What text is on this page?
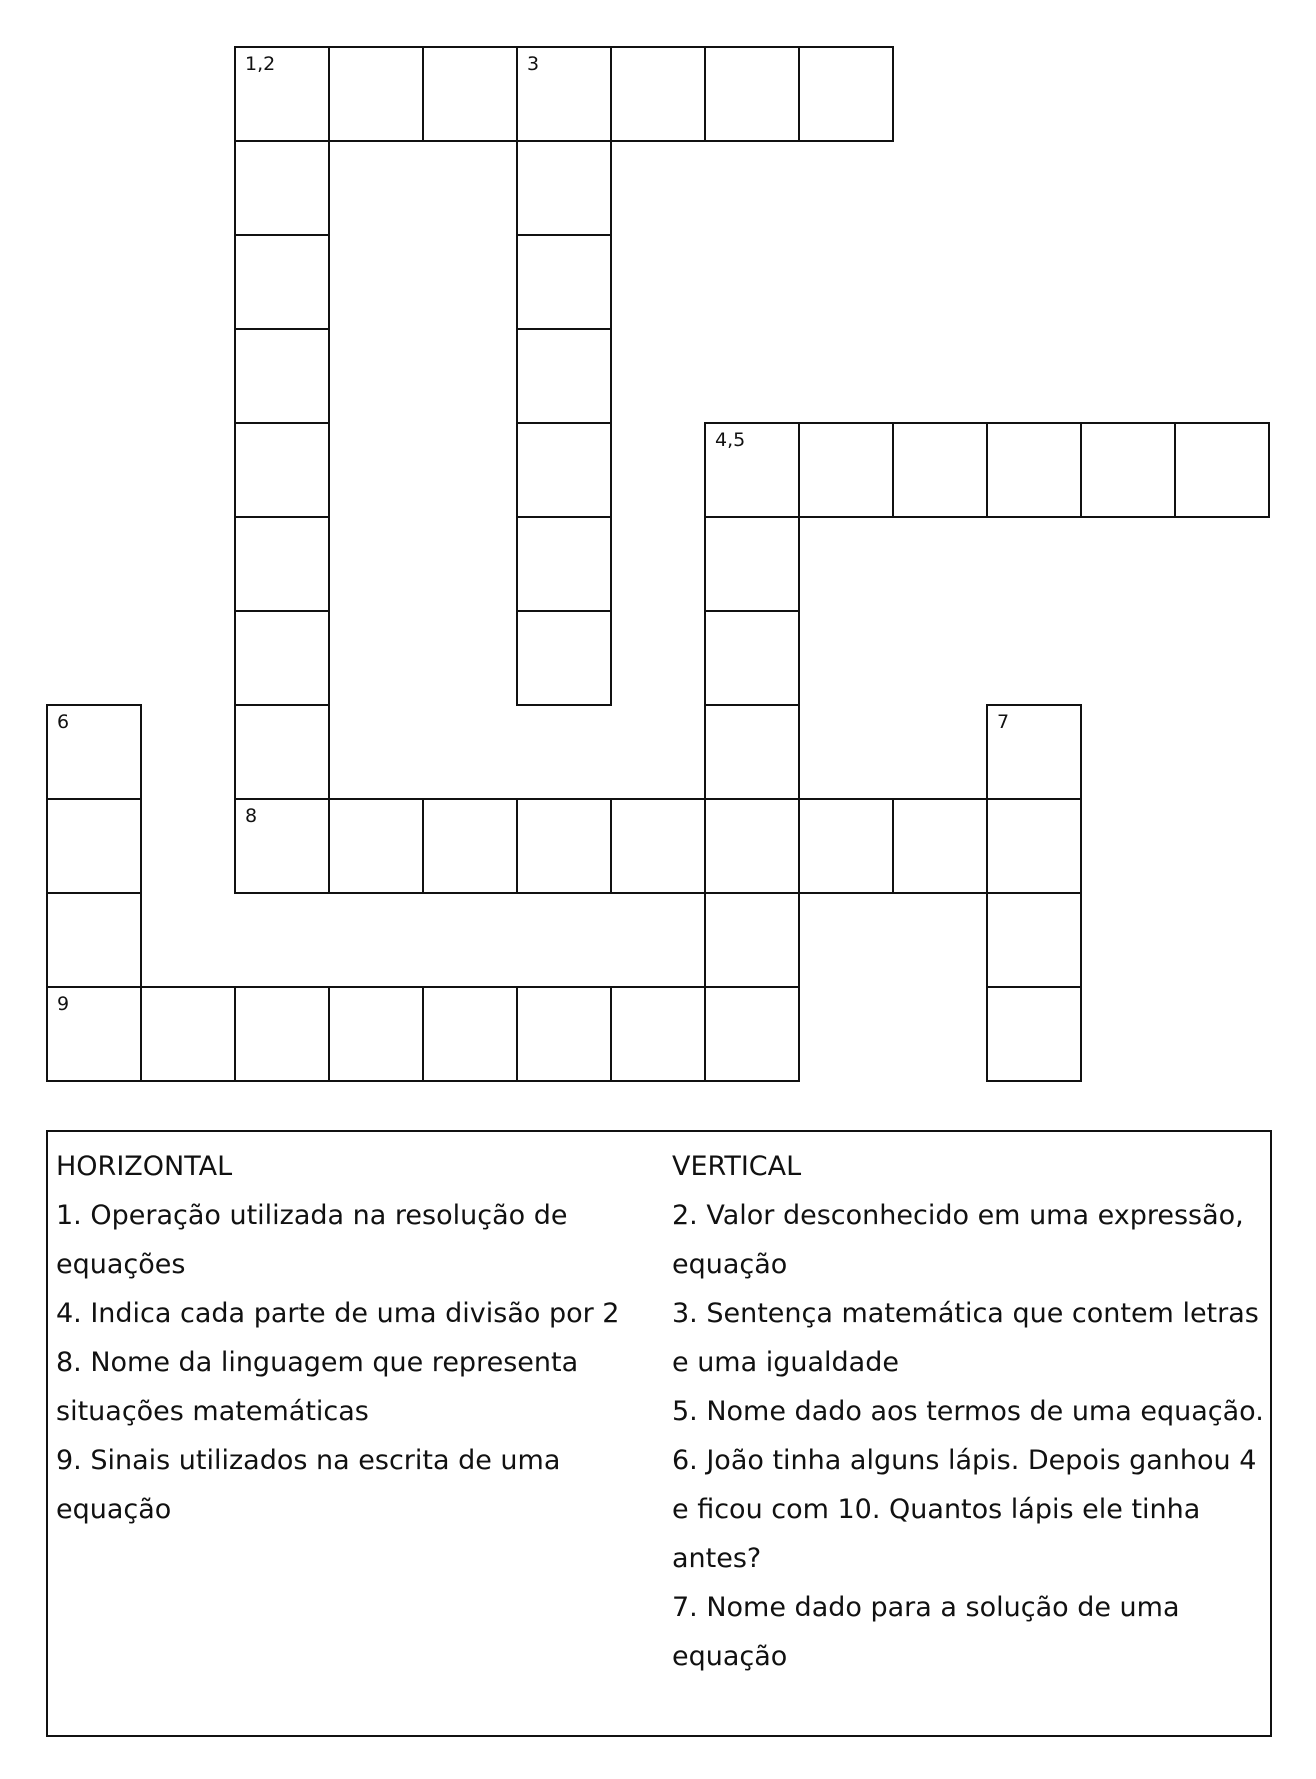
1,2	3
8
4,5
6
9
7
HORIZONTAL
1. Operação utilizada na resolução de equações
4. Indica cada parte de uma divisão por 2
8. Nome da linguagem que representa situações matemáticas
9. Sinais utilizados na escrita de uma equação
VERTICAL
2. Valor desconhecido em uma expressão, equação
3. Sentença matemática que contem letras e uma igualdade
5. Nome dado aos termos de uma equação.
6. João tinha alguns lápis. Depois ganhou 4 e ficou com 10. Quantos lápis ele tinha antes?
7. Nome dado para a solução de uma equação
